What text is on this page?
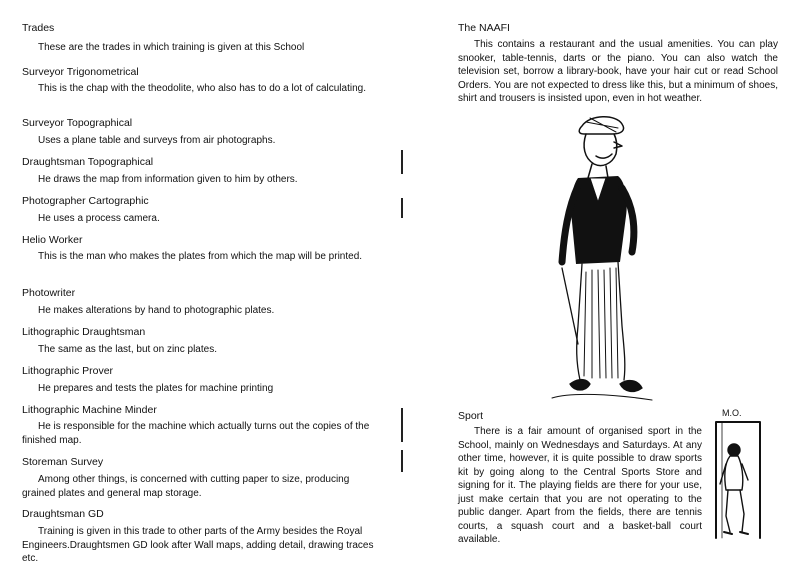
Trades
These are the trades in which training is given at this School
Surveyor Trigonometrical
This is the chap with the theodolite, who also has to do a lot of calculating.
Surveyor Topographical
Uses a plane table and surveys from air photographs.
Draughtsman Topographical
He draws the map from information given to him by others.
Photographer Cartographic
He uses a process camera.
Helio Worker
This is the man who makes the plates from which the map will be printed.
Photowriter
He makes alterations by hand to photographic plates.
Lithographic Draughtsman
The same as the last, but on zinc plates.
Lithographic Prover
He prepares and tests the plates for machine printing
Lithographic Machine Minder
He is responsible for the machine which actually turns out the copies of the finished map.
Storeman Survey
Among other things, is concerned with cutting paper to size, producing grained plates and general map storage.
Draughtsman GD
Training is given in this trade to other parts of the Army besides the Royal Engineers.Draughtsmen GD look after Wall maps, adding detail, drawing traces etc.
The NAAFI
This contains a restaurant and the usual amenities. You can play snooker, table-tennis, darts or the piano. You can also watch the television set, borrow a library-book, have your hair cut or read School Orders. You are not expected to dress like this, but a minimum of shoes, shirt and trousers is insisted upon, even in hot weather.
Sport
There is a fair amount of organised sport in the School, mainly on Wednesdays and Saturdays. At any other time, however, it is quite possible to draw sports kit by going along to the Central Sports Store and signing for it. The playing fields are there for your use, just make certain that you are not operating to the public danger. Apart from the fields, there are tennis courts, a squash court and a basket-ball court available.
M.O.
